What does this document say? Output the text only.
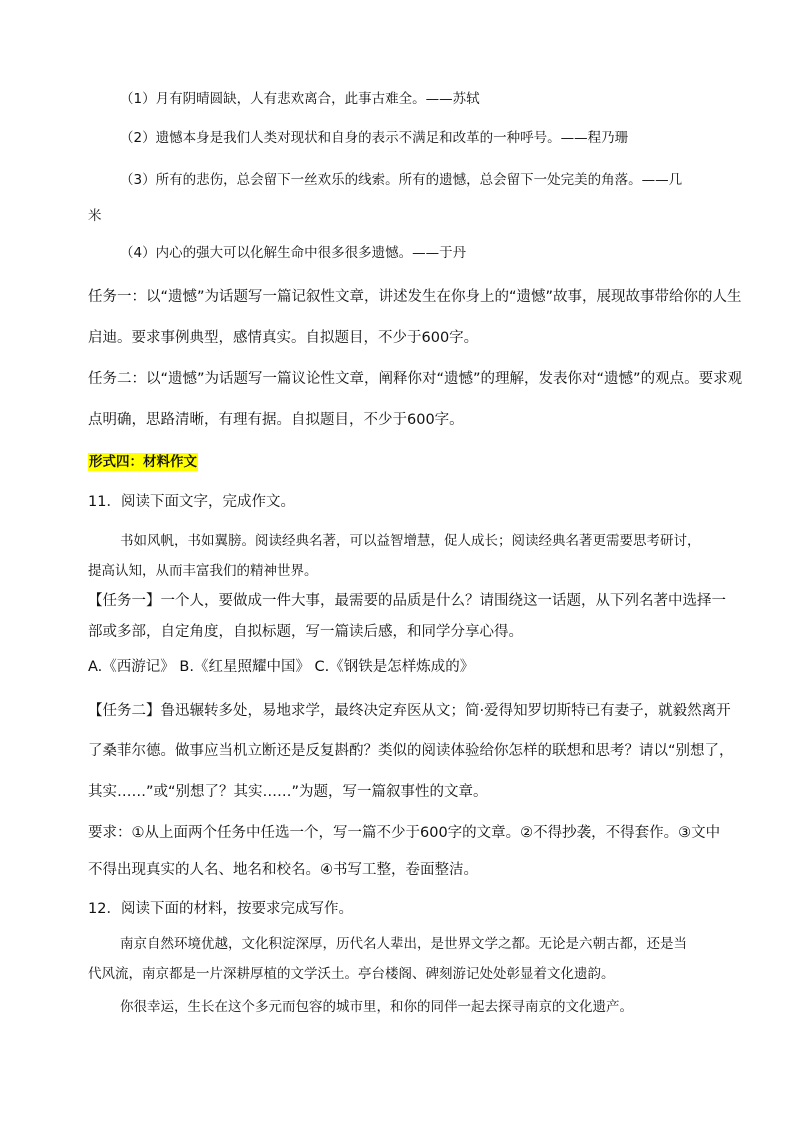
（1）月有阴晴圆缺，人有悲欢离合，此事古难全。——苏轼
（2）遗憾本身是我们人类对现状和自身的表示不满足和改革的一种呼号。——程乃珊
（3）所有的悲伤，总会留下一丝欢乐的线索。所有的遗憾，总会留下一处完美的角落。——几
米
（4）内心的强大可以化解生命中很多很多遗憾。——于丹
任务一：以“遗憾”为话题写一篇记叙性文章，讲述发生在你身上的“遗憾”故事，展现故事带给你的人生
启迪。要求事例典型，感情真实。自拟题目，不少于600字。
任务二：以“遗憾”为话题写一篇议论性文章，阐释你对“遗憾”的理解，发表你对“遗憾”的观点。要求观
点明确，思路清晰，有理有据。自拟题目，不少于600字。
形式四：材料作文
11．阅读下面文字，完成作文。
书如风帆，书如翼膀。阅读经典名著，可以益智增慧，促人成长；阅读经典名著更需要思考研讨，
提高认知，从而丰富我们的精神世界。
【任务一】一个人，要做成一件大事，最需要的品质是什么？请围绕这一话题，从下列名著中选择一
部或多部，自定角度，自拟标题，写一篇读后感，和同学分享心得。
A.《西游记》 B.《红星照耀中国》 C.《钢铁是怎样炼成的》
【任务二】鲁迅辗转多处，易地求学，最终决定弃医从文；简·爱得知罗切斯特已有妻子，就毅然离开
了桑菲尔德。做事应当机立断还是反复斟酌？类似的阅读体验给你怎样的联想和思考？请以“别想了，
其实……”或“别想了？其实……”为题，写一篇叙事性的文章。
要求：①从上面两个任务中任选一个，写一篇不少于600字的文章。②不得抄袭，不得套作。③文中
不得出现真实的人名、地名和校名。④书写工整，卷面整洁。
12．阅读下面的材料，按要求完成写作。
南京自然环境优越，文化积淀深厚，历代名人辈出，是世界文学之都。无论是六朝古都，还是当
代风流，南京都是一片深耕厚植的文学沃土。亭台楼阁、碑刻游记处处彰显着文化遗韵。
你很幸运，生长在这个多元而包容的城市里，和你的同伴一起去探寻南京的文化遗产。
